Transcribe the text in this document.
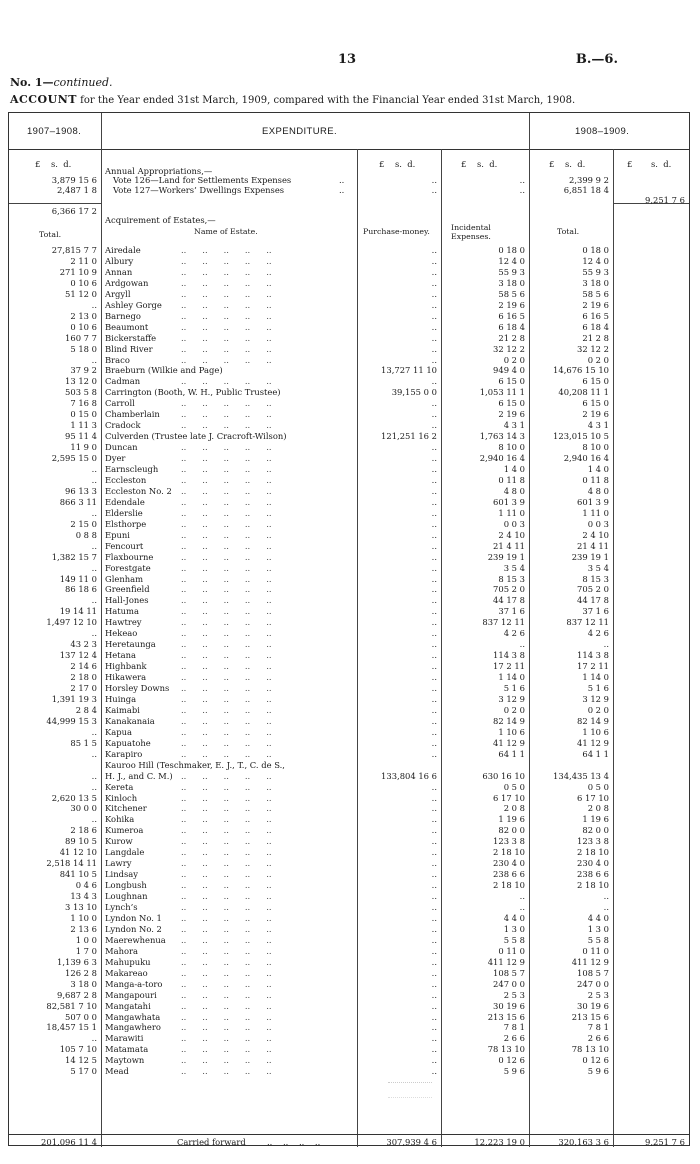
13	B.—6.
No. 1—continued.
ACCOUNT for the Year ended 31st March, 1909, compared with the Financial Year ended 31st March, 1908.
1907–1908.	EXPENDITURE.	1908–1909.
£ s. d.	£ s. d.	£ s. d.	£ s. d.	£ s. d.
Annual Appropriations,—
3,879 15 6 Vote 126—Land for Settlements Expenses	..	..	..	2,399 9 2
2,487 1 8 Vote 127—Workers’ Dwellings Expenses	..	..	..	6,851 18 4
6,366 17 2
9,251 7 6
Acquirement of Estates,—
Total.	Name of Estate.	Purchase-money.	Incidental Expenses.
Total.
27,815 7 7 Airedale	..	0 18 0	0 18 0
..      ..      ..      ..      ..
2 11 0 Albury	..	12 4 0	12 4 0
..      ..      ..      ..      ..
271 10 9 Annan	..	55 9 3	55 9 3
..      ..      ..      ..      ..
0 10 6 Ardgowan	..	3 18 0	3 18 0
..      ..      ..      ..      ..
51 12 0 Argyll	..	58 5 6	58 5 6
..      ..      ..      ..      ..
.. Ashley Gorge	..	2 19 6	2 19 6
..      ..      ..      ..      ..
2 13 0 Barnego	..	6 16 5	6 16 5
..      ..      ..      ..      ..
0 10 6 Beaumont	..	6 18 4	6 18 4
..      ..      ..      ..      ..
160 7 7 Bickerstaffe	..	21 2 8	21 2 8
..      ..      ..      ..      ..
5 18 0 Blind River	..	32 12 2	32 12 2
..      ..      ..      ..      ..
.. Braco	..	0 2 0	0 2 0
..      ..      ..      ..      ..
37 9 2 Braeburn (Wilkie and Page)	13,727 11 10	949 4 0	14,676 15 10
13 12 0 Cadman	..	6 15 0	6 15 0
..      ..      ..      ..      ..
503 5 8 Carrington (Booth, W. H., Public Trustee)	39,155 0 0	1,053 11 1	40,208 11 1
7 16 8 Carroll	..	6 15 0	6 15 0
..      ..      ..      ..      ..
0 15 0 Chamberlain	..	2 19 6	2 19 6
..      ..      ..      ..      ..
1 11 3 Cradock	..	4 3 1	4 3 1
..      ..      ..      ..      ..
95 11 4 Culverden (Trustee late J. Cracroft-Wilson)	121,251 16 2	1,763 14 3	123,015 10 5
11 9 0 Duncan	..	8 10 0	8 10 0
..      ..      ..      ..      ..
2,595 15 0 Dyer	..	2,940 16 4	2,940 16 4
..      ..      ..      ..      ..
.. Earnscleugh	..	1 4 0	1 4 0
..      ..      ..      ..      ..
.. Eccleston	..	0 11 8	0 11 8
..      ..      ..      ..      ..
96 13 3 Eccleston No. 2	..	4 8 0	4 8 0
..      ..      ..      ..      ..
866 3 11 Edendale	..	601 3 9	601 3 9
..      ..      ..      ..      ..
.. Elderslie	..	1 11 0	1 11 0
..      ..      ..      ..      ..
2 15 0 Elsthorpe	..	0 0 3	0 0 3
..      ..      ..      ..      ..
0 8 8 Epuni	..	2 4 10	2 4 10
..      ..      ..      ..      ..
.. Fencourt	..	21 4 11	21 4 11
..      ..      ..      ..      ..
1,382 15 7 Flaxbourne	..	239 19 1	239 19 1
..      ..      ..      ..      ..
.. Forestgate	..	3 5 4	3 5 4
..      ..      ..      ..      ..
149 11 0 Glenham	..	8 15 3	8 15 3
..      ..      ..      ..      ..
86 18 6 Greenfield	..	705 2 0	705 2 0
..      ..      ..      ..      ..
.. Hall-Jones	..	44 17 8	44 17 8
..      ..      ..      ..      ..
19 14 11 Hatuma	..	37 1 6	37 1 6
..      ..      ..      ..      ..
1,497 12 10 Hawtrey	..	837 12 11	837 12 11
..      ..      ..      ..      ..
.. Hekeao	..	4 2 6	4 2 6
..      ..      ..      ..      ..
43 2 3 Heretaunga	..	..	..
..      ..      ..      ..      ..
137 12 4 Hetana	..	114 3 8	114 3 8
..      ..      ..      ..      ..
2 14 6 Highbank	..	17 2 11	17 2 11
..      ..      ..      ..      ..
2 18 0 Hikawera	..	1 14 0	1 14 0
..      ..      ..      ..      ..
2 17 0 Horsley Downs	..	5 1 6	5 1 6
..      ..      ..      ..      ..
1,391 19 3 Huinga	..	3 12 9	3 12 9
..      ..      ..      ..      ..
2 8 4 Kaimabi	..	0 2 0	0 2 0
..      ..      ..      ..      ..
44,999 15 3 Kanakanaia	..	82 14 9	82 14 9
..      ..      ..      ..      ..
.. Kapua	..	1 10 6	1 10 6
..      ..      ..      ..      ..
85 1 5 Kapuatohe	..	41 12 9	41 12 9
..      ..      ..      ..      ..
.. Karapiro	..	64 1 1	64 1 1
..      ..      ..      ..      ..
Kauroo Hill (Teschmaker, E. J., T., C. de S.,
.. H. J., and C. M.)	133,804 16 6	630 16 10	134,435 13 4
..      ..      ..      ..      ..
.. Kereta	..	0 5 0	0 5 0
..      ..      ..      ..      ..
2,620 13 5 Kinloch	..	6 17 10	6 17 10
..      ..      ..      ..      ..
30 0 0 Kitchener	..	2 0 8	2 0 8
..      ..      ..      ..      ..
.. Kohika	..	1 19 6	1 19 6
..      ..      ..      ..      ..
2 18 6 Kumeroa	..	82 0 0	82 0 0
..      ..      ..      ..      ..
89 10 5 Kurow	..	123 3 8	123 3 8
..      ..      ..      ..      ..
41 12 10 Langdale	..	2 18 10	2 18 10
..      ..      ..      ..      ..
2,518 14 11 Lawry	..	230 4 0	230 4 0
..      ..      ..      ..      ..
841 10 5 Lindsay	..	238 6 6	238 6 6
..      ..      ..      ..      ..
0 4 6 Longbush	..	2 18 10	2 18 10
..      ..      ..      ..      ..
13 4 3 Loughnan	..	..	..
..      ..      ..      ..      ..
3 13 10 Lynch’s	..	..	..
..      ..      ..      ..      ..
1 10 0 Lyndon No. 1	..	4 4 0	4 4 0
..      ..      ..      ..      ..
2 13 6 Lyndon No. 2	..	1 3 0	1 3 0
..      ..      ..      ..      ..
1 0 0 Maerewhenua	..	5 5 8	5 5 8
..      ..      ..      ..      ..
1 7 0 Mahora	..	0 11 0	0 11 0
..      ..      ..      ..      ..
1,139 6 3 Mahupuku	..	411 12 9	411 12 9
..      ..      ..      ..      ..
126 2 8 Makareao	..	108 5 7	108 5 7
..      ..      ..      ..      ..
3 18 0 Manga-a-toro	..	247 0 0	247 0 0
..      ..      ..      ..      ..
9,687 2 8 Mangapouri	..	2 5 3	2 5 3
..      ..      ..      ..      ..
82,581 7 10 Mangatahi	..	30 19 6	30 19 6
..      ..      ..      ..      ..
507 0 0 Mangawhata	..	213 15 6	213 15 6
..      ..      ..      ..      ..
18,457 15 1 Mangawhero	..	7 8 1	7 8 1
..      ..      ..      ..      ..
.. Marawiti	..	2 6 6	2 6 6
..      ..      ..      ..      ..
105 7 10 Matamata	..	78 13 10	78 13 10
..      ..      ..      ..      ..
14 12 5 Maytown	..	0 12 6	0 12 6
..      ..      ..      ..      ..
5 17 0 Mead	..	5 9 6	5 9 6
..      ..      ..      ..      ..
201,096 11 4	Carried forward	..    ..    ..    ..	307,939 4 6	12,223 19 0	320,163 3 6	9,251 7 6
